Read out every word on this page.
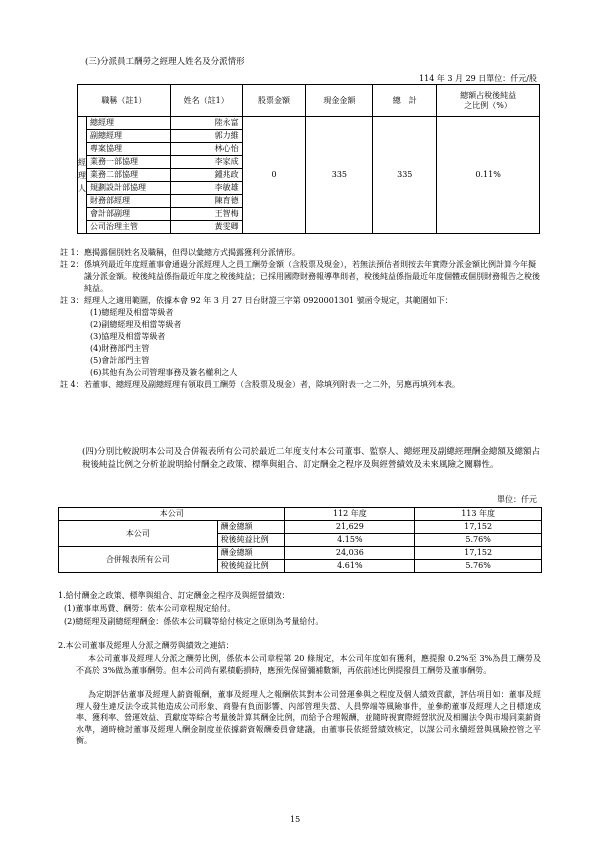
(三)分派員工酬勞之經理人姓名及分派情形
114 年 3 月 29 日單位：仟元/股
職稱（註1）		姓名（註1）	股票金額	現金金額	總　計	總額占稅後純益
之比例（%）

經
理
人	總經理	陸永富	0	335	335	0.11%
	副總經理	郭力維				
	專案協理	林心怡				
	業務一部協理	李家成				
	業務二部協理	鍾兆政				
	規劃設計部協理	李敏雄				
	財務部經理	陳育德				
	會計部副理	王智梅				
	公司治理主管	黃雯卿				
註 1： 應揭露個別姓名及職稱，但得以彙總方式揭露獲利分派情形。
註 2： 係填列最近年度經董事會通過分派經理人之員工酬勞金額（含股票及現金），若無法預估者則按去年實際分派金額比例計算今年擬議分派金額。稅後純益係指最近年度之稅後純益；已採用國際財務報導準則者，稅後純益係指最近年度個體或個別財務報告之稅後純益。
註 3： 經理人之適用範圍，依據本會 92 年 3 月 27 日台財證三字第 0920001301 號函令規定，其範圍如下：
(1)總經理及相當等級者
(2)副總經理及相當等級者
(3)協理及相當等級者
(4)財務部門主管
(5)會計部門主管
(6)其他有為公司管理事務及簽名權利之人
註 4： 若董事、總經理及副總經理有領取員工酬勞（含股票及現金）者，除填列附表一之二外，另應再填列本表。
(四)分別比較說明本公司及合併報表所有公司於最近二年度支付本公司董事、監察人、總經理及副總經理酬金總額及總額占稅後純益比例之分析並說明給付酬金之政策、標準與組合、訂定酬金之程序及與經營績效及未來風險之關聯性。
單位：仟元
本公司		112 年度	113 年度
本公司	酬金總額	21,629	17,152
	稅後純益比例	4.15%	5.76%
合併報表所有公司	酬金總額	24,036	17,152
	稅後純益比例	4.61%	5.76%
1.給付酬金之政策、標準與組合、訂定酬金之程序及與經營績效：
(1)董事車馬費、酬勞：依本公司章程規定給付。
(2)總經理及副總經理酬金：係依本公司職等給付核定之原則為考量給付。
2.本公司董事及經理人分派之酬勞與績效之連結：
本公司董事及經理人分派之酬勞比例，係依本公司章程第 20 條規定，本公司年度如有獲利，應提撥 0.2%至 3%為員工酬勞及不高於 3%做為董事酬勞。但本公司尚有累積虧損時，應預先保留彌補數額，再依前述比例提撥員工酬勞及董事酬勞。
為定期評估董事及經理人薪資報酬，董事及經理人之報酬依其對本公司營運參與之程度及個人績效貢獻，評估項目如：董事及經理人發生違反法令或其他造成公司形象、商譽有負面影響、內部管理失當、人員弊端等風險事件，並參酌董事及經理人之目標達成率、獲利率、營運效益、貢獻度等綜合考量後計算其酬金比例，而給予合理報酬，並隨時視實際經營狀況及相關法令與市場同業薪資水準，適時檢討董事及經理人酬金制度並依據薪資報酬委員會建議，由董事長依經營績效核定，以謀公司永續經營與風險控管之平衡。
15
